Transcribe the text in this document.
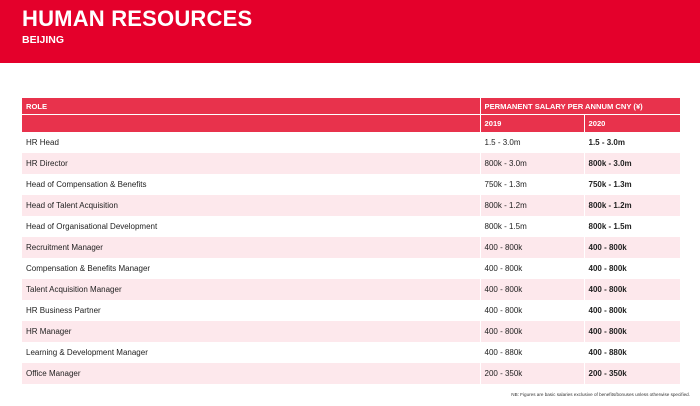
HUMAN RESOURCES
BEIJING
ROLE	PERMANENT SALARY PER ANNUM CNY (¥)	
	2019	2020
HR Head	1.5 - 3.0m	1.5 - 3.0m
HR Director	800k - 3.0m	800k - 3.0m
Head of Compensation & Benefits	750k - 1.3m	750k - 1.3m
Head of Talent Acquisition	800k - 1.2m	800k - 1.2m
Head of Organisational Development	800k - 1.5m	800k - 1.5m
Recruitment Manager	400 - 800k	400 - 800k
Compensation & Benefits Manager	400 - 800k	400 - 800k
Talent Acquisition Manager	400 - 800k	400 - 800k
HR Business Partner	400 - 800k	400 - 800k
HR Manager	400 - 800k	400 - 800k
Learning & Development Manager	400 - 880k	400 - 880k
Office Manager	200 - 350k	200 - 350k
NB: Figures are basic salaries exclusive of benefits/bonuses unless otherwise specified.
